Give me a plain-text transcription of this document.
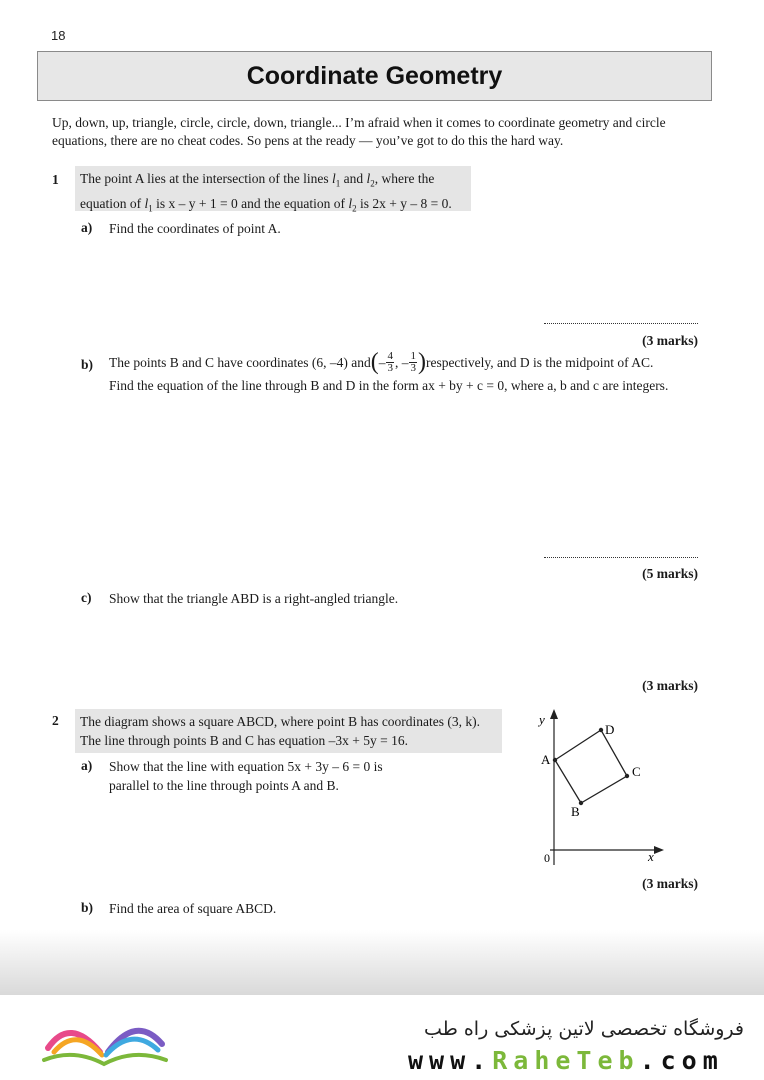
18
Coordinate Geometry
Up, down, up, triangle, circle, circle, down, triangle... I’m afraid when it comes to coordinate geometry and circle equations, there are no cheat codes. So pens at the ready — you’ve got to do this the hard way.
1 The point A lies at the intersection of the lines $l_1$ and $l_2$, where the
equation of $l_1$ is x – y + 1 = 0 and the equation of $l_2$ is 2x + y – 8 = 0.
a) Find the coordinates of point A.
(3 marks)
b) The points B and C have coordinates (6, –4) and ( – $\frac{4}{3}$ , – $\frac{1}{3}$ ) respectively, and D is the midpoint of AC.
Find the equation of the line through B and D in the form ax + by + c = 0, where a, b and c are integers.
(5 marks)
c) Show that the triangle ABD is a right-angled triangle.
(3 marks)
2 The diagram shows a square ABCD, where point B has coordinates (3, k).
The line through points B and C has equation –3x + 5y = 16.
a) Show that the line with equation 5x + 3y – 6 = 0 is
parallel to the line through points A and B.
y
x
0
A
D
C
B
(3 marks)
b) Find the area of square ABCD.
فروشگاه تخصصی لاتین پزشکی راه طب
www.RaheTeb.com
